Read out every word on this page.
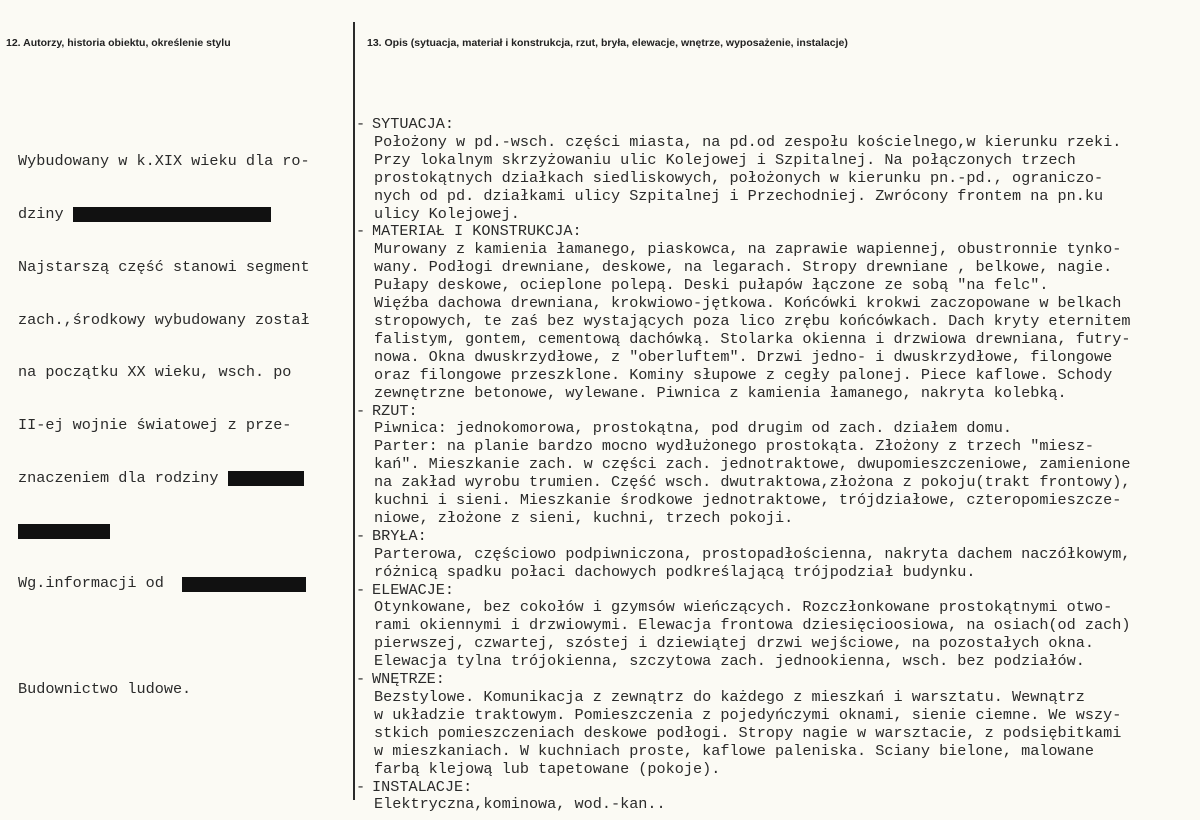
12. Autorzy, historia obiektu, określenie stylu	13. Opis (sytuacja, materiał i konstrukcja, rzut, bryła, elewacje, wnętrze, wyposażenie, instalacje)

Wybudowany w k.XIX wieku dla ro-

dziny

Najstarszą część stanowi segment

zach.,środkowy wybudowany został

na początku XX wieku, wsch. po

II-ej wojnie światowej z prze-

znaczeniem dla rodziny

Wg.informacji od

Budownictwo ludowe.

- SYTUACJA:
Położony w pd.-wsch. części miasta, na pd.od zespołu kościelnego,w kierunku rzeki.
Przy lokalnym skrzyżowaniu ulic Kolejowej i Szpitalnej. Na połączonych trzech
prostokątnych działkach siedliskowych, położonych w kierunku pn.-pd., ograniczo-
nych od pd. działkami ulicy Szpitalnej i Przechodniej. Zwrócony frontem na pn.ku
ulicy Kolejowej.
- MATERIAŁ I KONSTRUKCJA:
Murowany z kamienia łamanego, piaskowca, na zaprawie wapiennej, obustronnie tynko-
wany. Podłogi drewniane, deskowe, na legarach. Stropy drewniane , belkowe, nagie.
Pułapy deskowe, ocieplone polepą. Deski pułapów łączone ze sobą "na felc".
Więźba dachowa drewniana, krokwiowo-jętkowa. Końcówki krokwi zaczopowane w belkach
stropowych, te zaś bez wystających poza lico zrębu końcówkach. Dach kryty eternitem
falistym, gontem, cementową dachówką. Stolarka okienna i drzwiowa drewniana, futry-
nowa. Okna dwuskrzydłowe, z "oberluftem". Drzwi jedno- i dwuskrzydłowe, filongowe
oraz filongowe przeszklone. Kominy słupowe z cegły palonej. Piece kaflowe. Schody
zewnętrzne betonowe, wylewane. Piwnica z kamienia łamanego, nakryta kolebką.
- RZUT:
Piwnica: jednokomorowa, prostokątna, pod drugim od zach. działem domu.
Parter: na planie bardzo mocno wydłużonego prostokąta. Złożony z trzech "miesz-
kań". Mieszkanie zach. w części zach. jednotraktowe, dwupomieszczeniowe, zamienione
na zakład wyrobu trumien. Część wsch. dwutraktowa,złożona z pokoju(trakt frontowy),
kuchni i sieni. Mieszkanie środkowe jednotraktowe, trójdziałowe, czteropomieszcze-
niowe, złożone z sieni, kuchni, trzech pokoji.
- BRYŁA:
Parterowa, częściowo podpiwniczona, prostopadłościenna, nakryta dachem naczółkowym,
różnicą spadku połaci dachowych podkreślającą trójpodział budynku.
- ELEWACJE:
Otynkowane, bez cokołów i gzymsów wieńczących. Rozczłonkowane prostokątnymi otwo-
rami okiennymi i drzwiowymi. Elewacja frontowa dziesięcioosiowa, na osiach(od zach)
pierwszej, czwartej, szóstej i dziewiątej drzwi wejściowe, na pozostałych okna.
Elewacja tylna trójokienna, szczytowa zach. jednookienna, wsch. bez podziałów.
- WNĘTRZE:
Bezstylowe. Komunikacja z zewnątrz do każdego z mieszkań i warsztatu. Wewnątrz
w układzie traktowym. Pomieszczenia z pojedyńczymi oknami, sienie ciemne. We wszy-
stkich pomieszczeniach deskowe podłogi. Stropy nagie w warsztacie, z podsiębitkami
w mieszkaniach. W kuchniach proste, kaflowe paleniska. Sciany bielone, malowane
farbą klejową lub tapetowane (pokoje).
- INSTALACJE:
Elektryczna,kominowa, wod.-kan..
